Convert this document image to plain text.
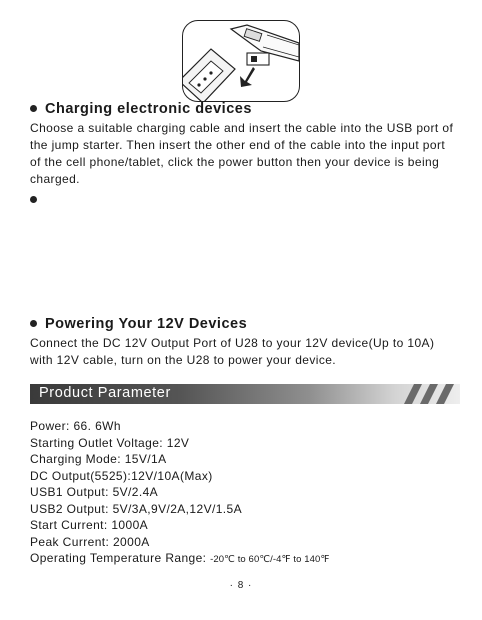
Charging electronic devices

Choose a suitable charging cable and insert the cable into the USB port of the jump starter. Then insert the other end of the cable into the input port of the cell phone/tablet, click the power button then your device is being charged.

Powering Your 12V Devices

Connect the DC 12V Output Port of U28 to your 12V device(Up to 10A) with 12V cable, turn on the U28 to power your device.

Product Parameter
Power: 66. 6Wh
Starting Outlet Voltage: 12V
Charging Mode: 15V/1A
DC Output(5525):12V/10A(Max)
USB1 Output: 5V/2.4A
USB2 Output: 5V/3A,9V/2A,12V/1.5A
Start Current: 1000A
Peak Current: 2000A
Operating Temperature Range: -20℃ to 60℃/-4℉ to 140℉
· 8 ·
